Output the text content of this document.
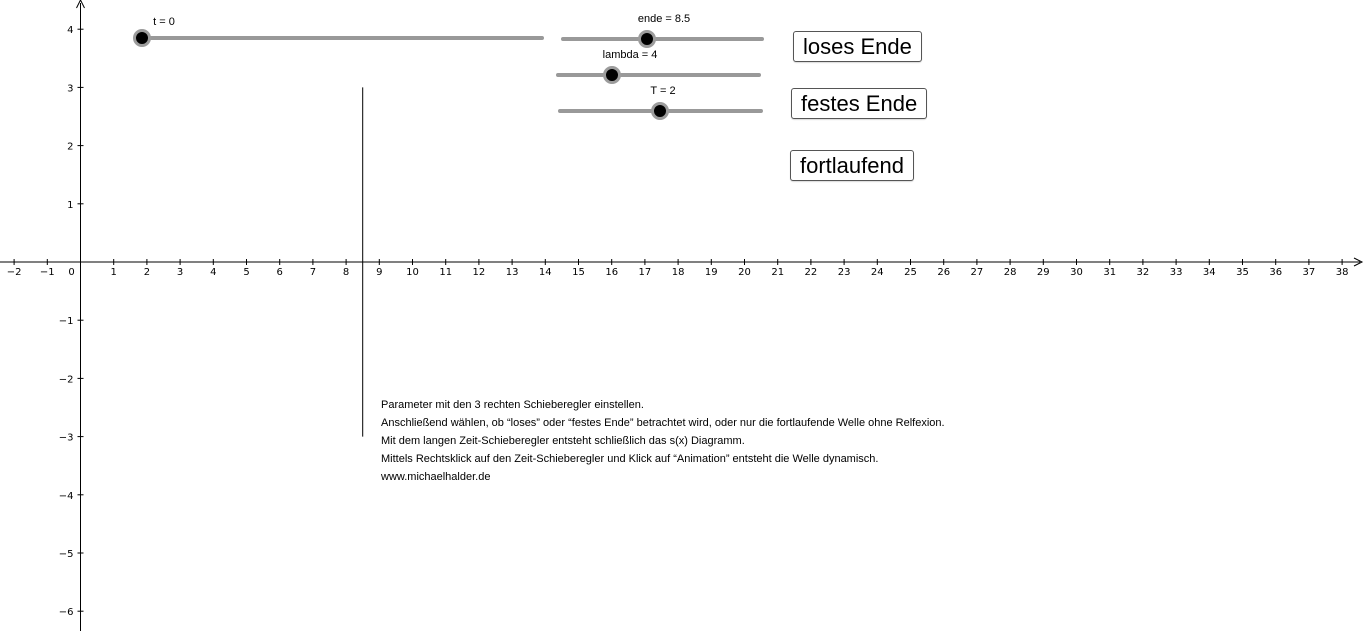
−2 −1 0	1	2	3	4	5	6	7	8	9 10 11 12 13 14 15 16 17 18 19 20 21 22 23 24 25 26 27 28 29 30 31 32 33 34 35 36 37 38
4
3
2
1
−1
−2
−3
−4
−5
−6
t = 0	ende = 8.5
lambda = 4
T = 2
loses Ende
festes Ende
fortlaufend
Parameter mit den 3 rechten Schieberegler einstellen.
Anschließend wählen, ob “loses” oder “festes Ende” betrachtet wird, oder nur die fortlaufende Welle ohne Relfexion.
Mit dem langen Zeit-Schieberegler entsteht schließlich das s(x) Diagramm.
Mittels Rechtsklick auf den Zeit-Schieberegler und Klick auf “Animation” entsteht die Welle dynamisch.
www.michaelhalder.de
